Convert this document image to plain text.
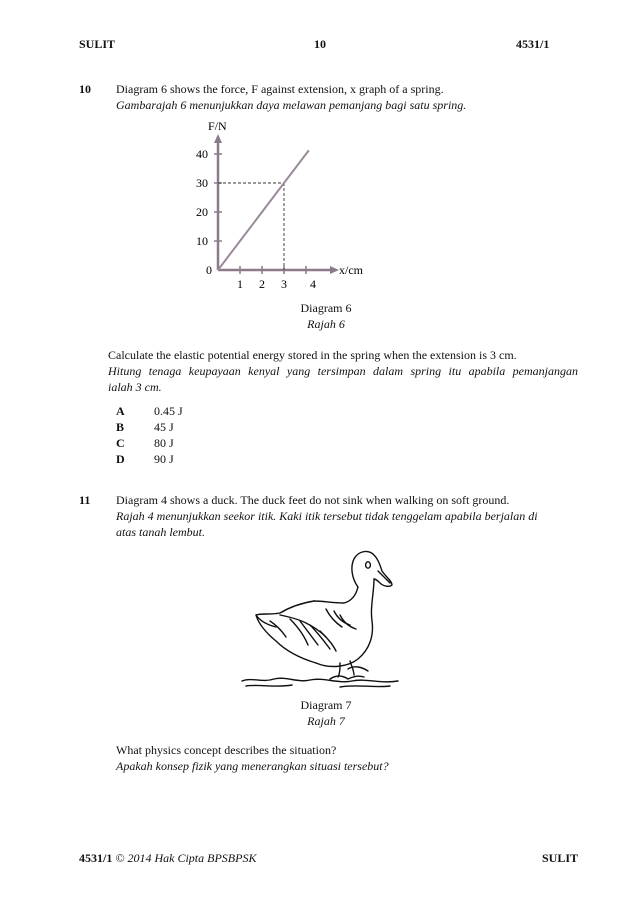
SULIT	10	4531/1
10 Diagram 6 shows the force, F against extension, x graph of a spring.
Gambarajah 6 menunjukkan daya melawan pemanjang bagi satu spring.
F/N
0	x/cm
10
20
30
40
1 2 3 4
Diagram 6
Rajah 6
Calculate the elastic potential energy stored in the spring when the extension is 3 cm.
Hitung tenaga keupayaan kenyal yang tersimpan dalam spring itu apabila pemanjangan
ialah 3 cm.
A 0.45 J
B 45 J
C 80 J
D 90 J
11 Diagram 4 shows a duck. The duck feet do not sink when walking on soft ground.
Rajah 4 menunjukkan seekor itik. Kaki itik tersebut tidak tenggelam apabila berjalan di
atas tanah lembut.
Diagram 7
Rajah 7
What physics concept describes the situation?
Apakah konsep fizik yang menerangkan situasi tersebut?
4531/1 © 2014 Hak Cipta BPSBPSK	SULIT
